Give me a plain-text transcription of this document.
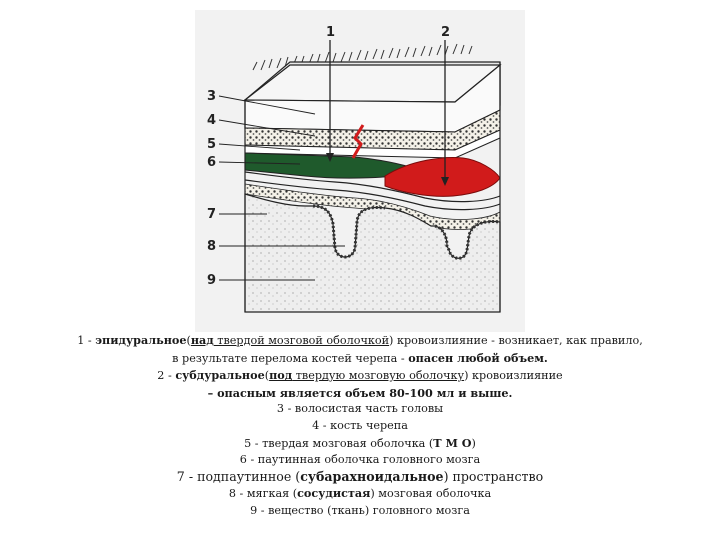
1	2
3
4
5
6
7
8
9
1 - эпидуральное(над твердой мозговой оболочкой) кровоизлияние - возникает, как правило,
в результате перелома костей черепа - опасен любой объем.
2 - субдуральное(под твердую мозговую оболочку) кровоизлияние
– опасным является объем 80-100 мл и выше.
3 - волосистая часть головы
4 - кость черепа
5 - твердая мозговая оболочка (Т М О)
6 - паутинная оболочка головного мозга
7 - подпаутинное (субарахноидальное) пространство
8 - мягкая (сосудистая) мозговая оболочка
9 - вещество (ткань) головного мозга
